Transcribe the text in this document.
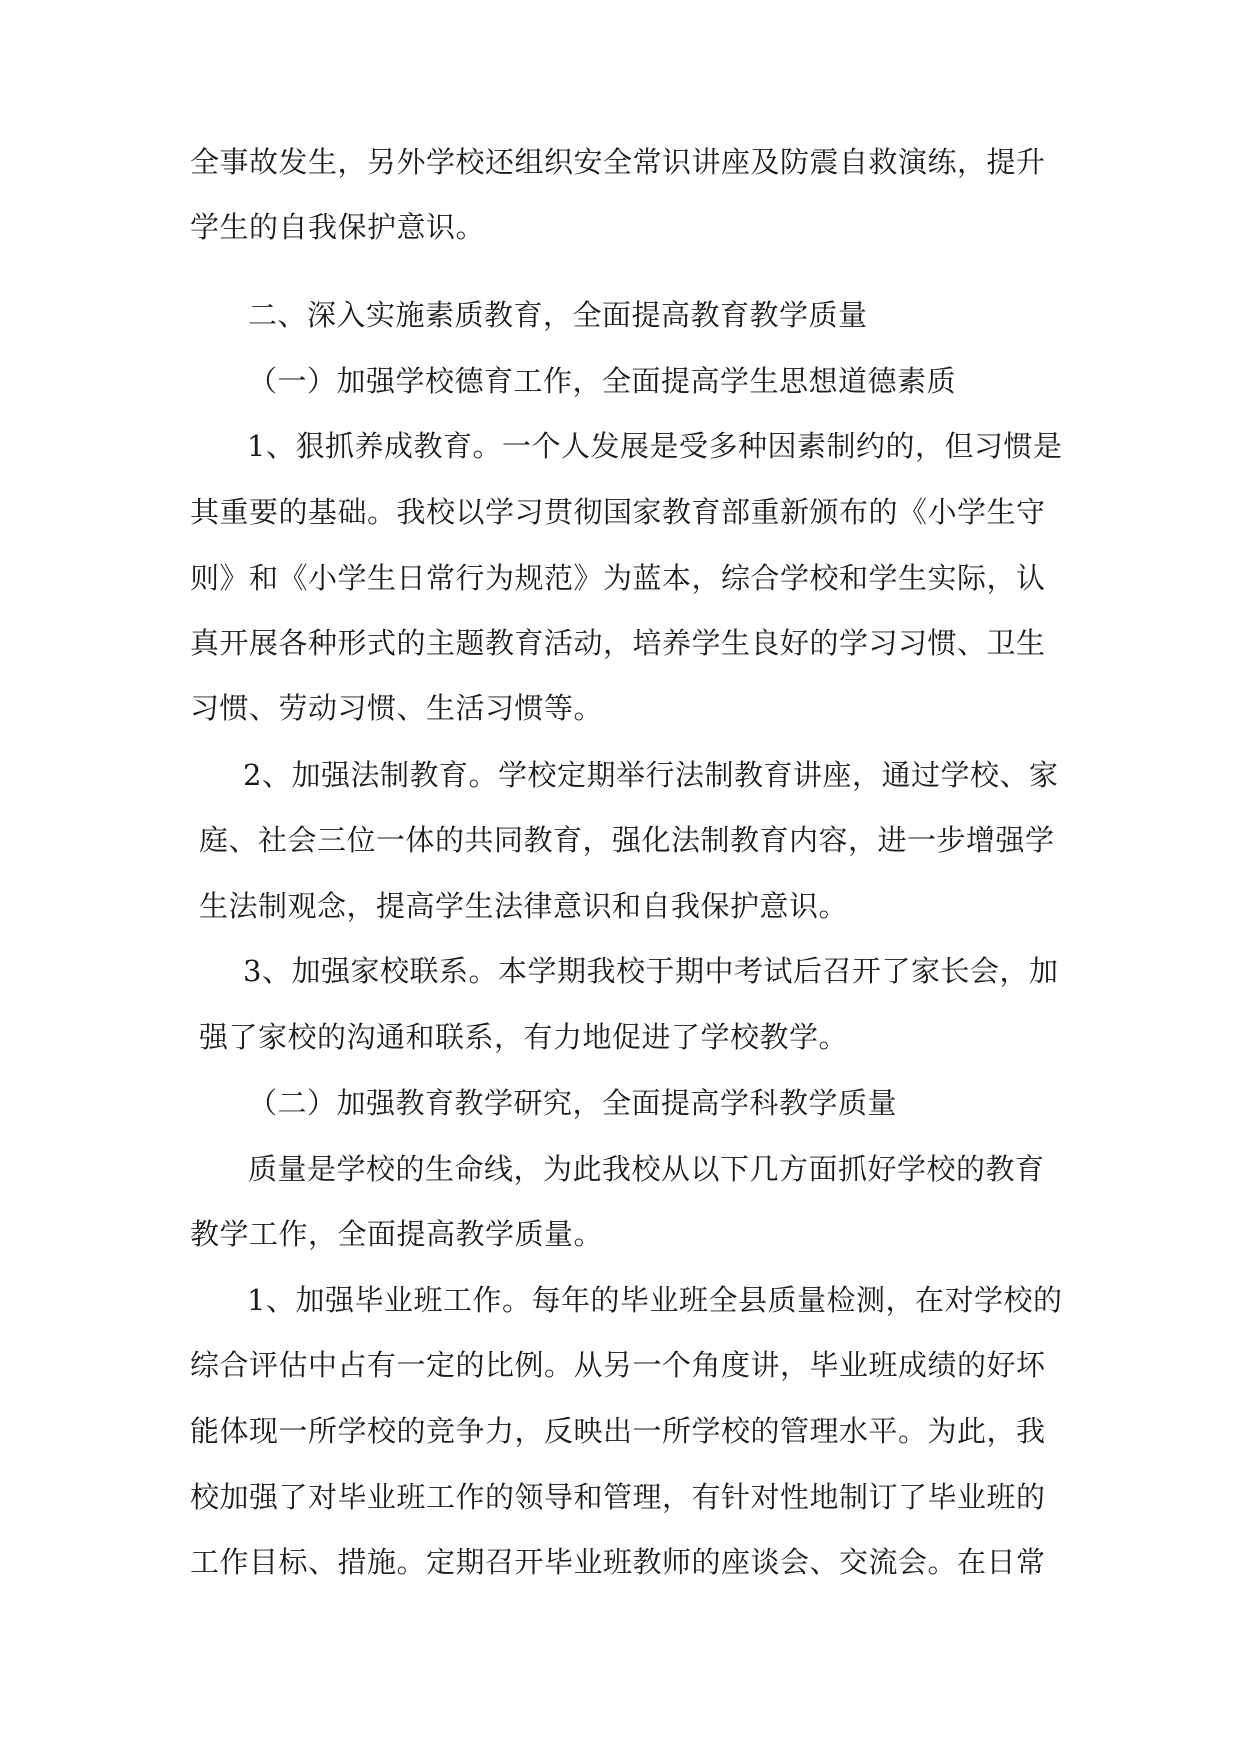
全事故发生，另外学校还组织安全常识讲座及防震自救演练，提升
学生的自我保护意识。
二、深入实施素质教育，全面提高教育教学质量
（一）加强学校德育工作，全面提高学生思想道德素质
1、狠抓养成教育。一个人发展是受多种因素制约的，但习惯是
其重要的基础。我校以学习贯彻国家教育部重新颁布的《小学生守
则》和《小学生日常行为规范》为蓝本，综合学校和学生实际，认
真开展各种形式的主题教育活动，培养学生良好的学习习惯、卫生
习惯、劳动习惯、生活习惯等。
2、加强法制教育。学校定期举行法制教育讲座，通过学校、家
庭、社会三位一体的共同教育，强化法制教育内容，进一步增强学
生法制观念，提高学生法律意识和自我保护意识。
3、加强家校联系。本学期我校于期中考试后召开了家长会，加
强了家校的沟通和联系，有力地促进了学校教学。
（二）加强教育教学研究，全面提高学科教学质量
质量是学校的生命线，为此我校从以下几方面抓好学校的教育
教学工作，全面提高教学质量。
1、加强毕业班工作。每年的毕业班全县质量检测，在对学校的
综合评估中占有一定的比例。从另一个角度讲，毕业班成绩的好坏
能体现一所学校的竞争力，反映出一所学校的管理水平。为此，我
校加强了对毕业班工作的领导和管理，有针对性地制订了毕业班的
工作目标、措施。定期召开毕业班教师的座谈会、交流会。在日常
